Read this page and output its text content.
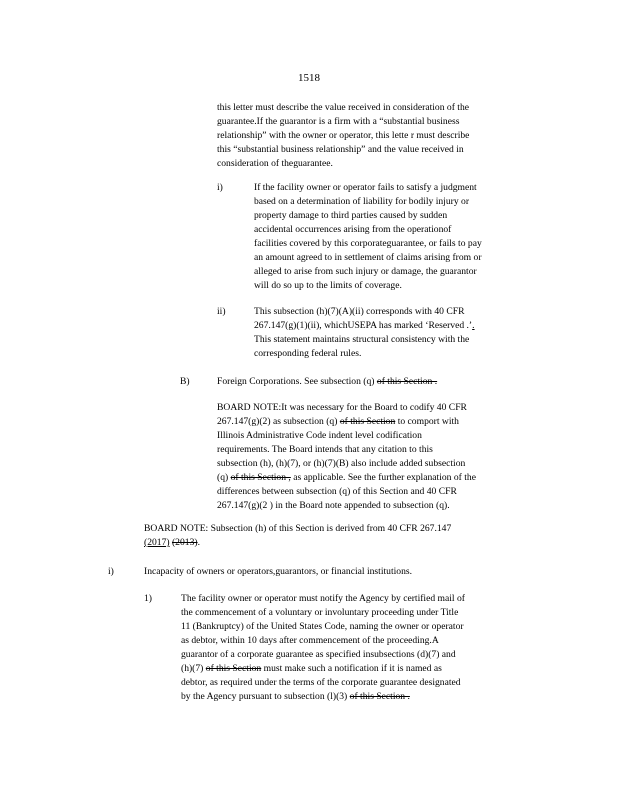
1518
this letter must describe the value received in consideration of the
guarantee.If the guarantor is a firm with a “substantial business
relationship” with the owner or operator, this lette r must describe
this “substantial business relationship” and the value received in
consideration of theguarantee.
i)	If the facility owner or operator fails to satisfy a judgment
based on a determination of liability for bodily injury or
property damage to third parties caused by sudden
accidental occurrences arising from the operationof
facilities covered by this corporateguarantee, or fails to pay
an amount agreed to in settlement of claims arising from or
alleged to arise from such injury or damage, the guarantor
will do so up to the limits of coverage.
ii)	This subsection (h)(7)(A)(ii) corresponds with 40 CFR
267.147(g)(1)(ii), whichUSEPA has marked ‘Reserved .’.
This statement maintains structural consistency with the
corresponding federal rules.
B)	Foreign Corporations. See subsection (q) of this Section .
BOARD NOTE:It was necessary for the Board to codify 40 CFR
267.147(g)(2) as subsection (q) of this Section to comport with
Illinois Administrative Code indent level codification
requirements. The Board intends that any citation to this
subsection (h), (h)(7), or (h)(7)(B) also include added subsection
(q) of this Section , as applicable. See the further explanation of the
differences between subsection (q) of this Section and 40 CFR
267.147(g)(2 ) in the Board note appended to subsection (q).
BOARD NOTE: Subsection (h) of this Section is derived from 40 CFR 267.147
(2017) (2013).
i)	Incapacity of owners or operators,guarantors, or financial institutions.
1)	The facility owner or operator must notify the Agency by certified mail of
the commencement of a voluntary or involuntary proceeding under Title
11 (Bankruptcy) of the United States Code, naming the owner or operator
as debtor, within 10 days after commencement of the proceeding.A
guarantor of a corporate guarantee as specified insubsections (d)(7) and
(h)(7) of this Section must make such a notification if it is named as
debtor, as required under the terms of the corporate guarantee designated
by the Agency pursuant to subsection (l)(3) of this Section .
